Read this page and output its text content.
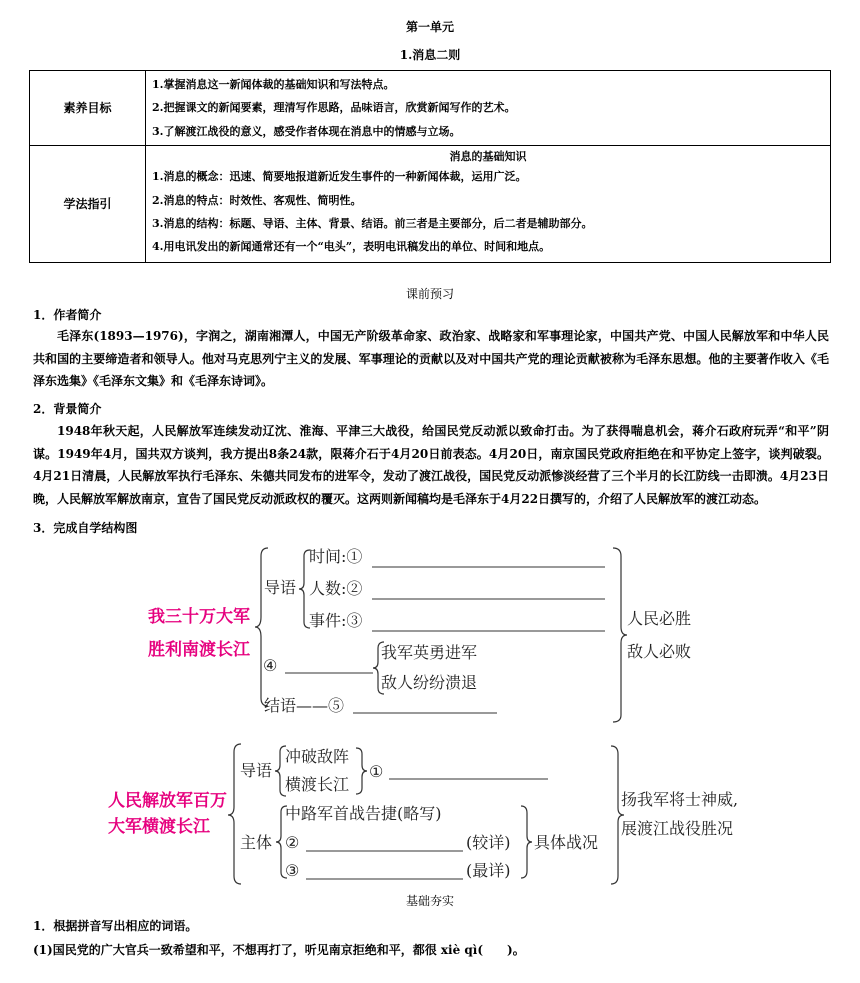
第一单元
1.消息二则
素养目标	1.掌握消息这一新闻体裁的基础知识和写法特点。

2.把握课文的新闻要素，理清写作思路，品味语言，欣赏新闻写作的艺术。

3.了解渡江战役的意义，感受作者体现在消息中的情感与立场。

学法指引	消息的基础知识

1.消息的概念：迅速、简要地报道新近发生事件的一种新闻体裁，运用广泛。

2.消息的特点：时效性、客观性、简明性。

3.消息的结构：标题、导语、主体、背景、结语。前三者是主要部分，后二者是辅助部分。

4.用电讯发出的新闻通常还有一个“电头”，表明电讯稿发出的单位、时间和地点。

课前预习
1．作者简介

毛泽东(1893—1976)，字润之，湖南湘潭人，中国无产阶级革命家、政治家、战略家和军事理论家，中国共产党、中国人民解放军和中华人民共和国的主要缔造者和领导人。他对马克思列宁主义的发展、军事理论的贡献以及对中国共产党的理论贡献被称为毛泽东思想。他的主要著作收入《毛泽东选集》《毛泽东文集》和《毛泽东诗词》。

2．背景简介

1948年秋天起，人民解放军连续发动辽沈、淮海、平津三大战役，给国民党反动派以致命打击。为了获得喘息机会，蒋介石政府玩弄“和平”阴谋。1949年4月，国共双方谈判，我方提出8条24款，限蒋介石于4月20日前表态。4月20日，南京国民党政府拒绝在和平协定上签字，谈判破裂。4月21日清晨，人民解放军执行毛泽东、朱德共同发布的进军令，发动了渡江战役，国民党反动派惨淡经营了三个半月的长江防线一击即溃。4月23日晚，人民解放军解放南京，宣告了国民党反动派政权的覆灭。这两则新闻稿均是毛泽东于4月22日撰写的，介绍了人民解放军的渡江动态。

3．完成自学结构图
我三十万大军
胜利南渡长江
导语
时间:①
人数:②
事件:③
④
我军英勇进军
敌人纷纷溃退
结语——⑤
人民必胜
敌人必败
人民解放军百万
大军横渡长江
导语
冲破敌阵
横渡长江
①
主体
中路军首战告捷(略写)
②	(较详)
③	(最详)
具体战况
扬我军将士神威,
展渡江战役胜况
基础夯实
1．根据拼音写出相应的词语。
(1)国民党的广大官兵一致希望和平，不想再打了，听见南京拒绝和平，都很 xiè qì(　　)。
